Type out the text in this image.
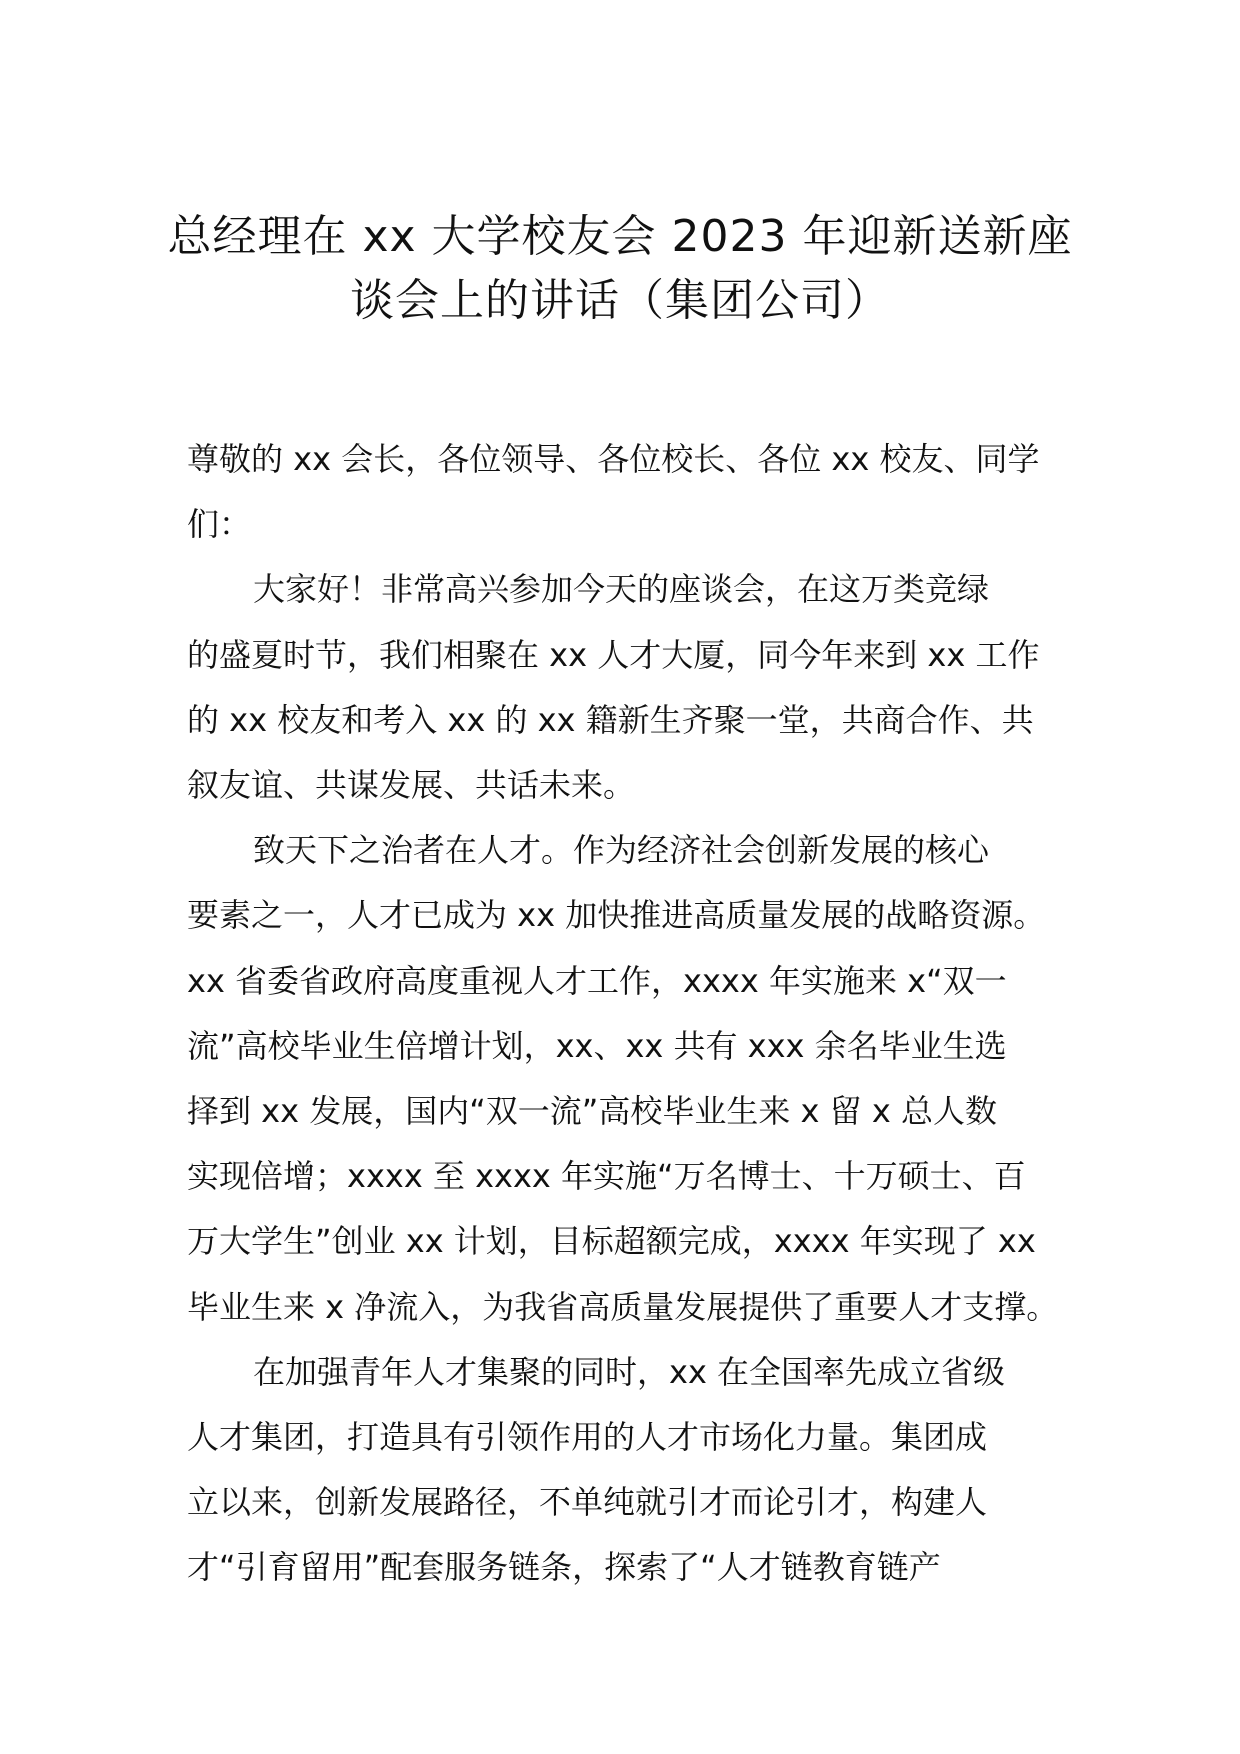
总经理在 xx 大学校友会 2023 年迎新送新座
谈会上的讲话（集团公司）

尊敬的 xx 会长，各位领导、各位校长、各位 xx 校友、同学
们：

大家好！非常高兴参加今天的座谈会，在这万类竞绿
的盛夏时节，我们相聚在 xx 人才大厦，同今年来到 xx 工作
的 xx 校友和考入 xx 的 xx 籍新生齐聚一堂，共商合作、共
叙友谊、共谋发展、共话未来。

致天下之治者在人才。作为经济社会创新发展的核心
要素之一，人才已成为 xx 加快推进高质量发展的战略资源。
xx 省委省政府高度重视人才工作，xxxx 年实施来 x“双一
流”高校毕业生倍增计划，xx、xx 共有 xxx 余名毕业生选
择到 xx 发展，国内“双一流”高校毕业生来 x 留 x 总人数
实现倍增；xxxx 至 xxxx 年实施“万名博士、十万硕士、百
万大学生”创业 xx 计划，目标超额完成，xxxx 年实现了 xx
毕业生来 x 净流入，为我省高质量发展提供了重要人才支撑。

在加强青年人才集聚的同时，xx 在全国率先成立省级
人才集团，打造具有引领作用的人才市场化力量。集团成
立以来，创新发展路径，不单纯就引才而论引才，构建人
才“引育留用”配套服务链条，探索了“人才链教育链产
